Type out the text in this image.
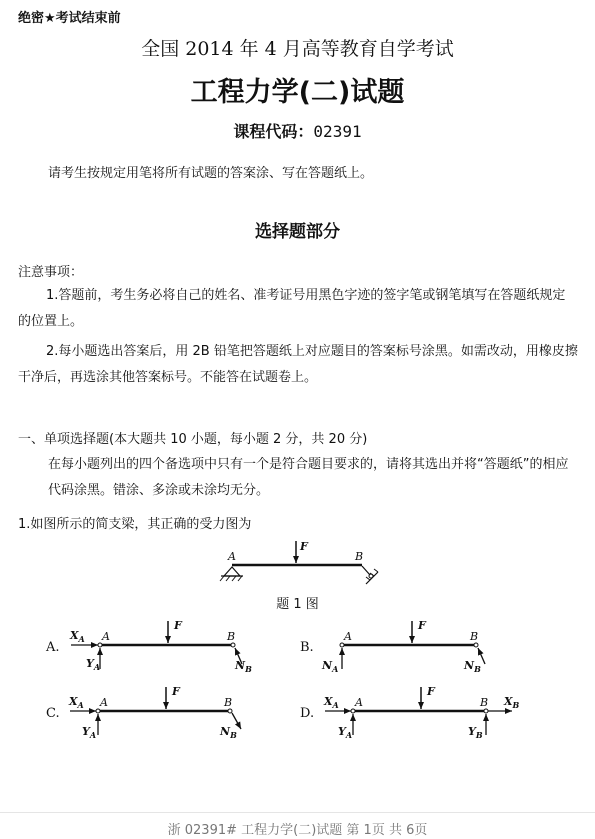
绝密★考试结束前
全国 2014 年 4 月高等教育自学考试
工程力学(二)试题
课程代码：02391
请考生按规定用笔将所有试题的答案涂、写在答题纸上。
选择题部分
注意事项：
1.答题前，考生务必将自己的姓名、准考证号用黑色字迹的签字笔或钢笔填写在答题纸规定的位置上。
2.每小题选出答案后，用 2B 铅笔把答题纸上对应题目的答案标号涂黑。如需改动，用橡皮擦干净后，再选涂其他答案标号。不能答在试题卷上。
一、单项选择题(本大题共 10 小题，每小题 2 分，共 20 分)
在每小题列出的四个备选项中只有一个是符合题目要求的，请将其选出并将“答题纸”的相应代码涂黑。错涂、多涂或未涂均无分。
1.如图所示的简支梁，其正确的受力图为
F
A	B
A.
F
A	B
$X_A$
$Y_A$	$N_B$
B.
F
A	B
$N_A$	$N_B$
C.
F
A	B
$X_A$
$Y_A$	$N_B$
D.
F
A	B
$X_A$
$Y_A$	$Y_B$
$X_B$
题 1 图
浙 02391# 工程力学(二)试题 第 1页 共 6页
